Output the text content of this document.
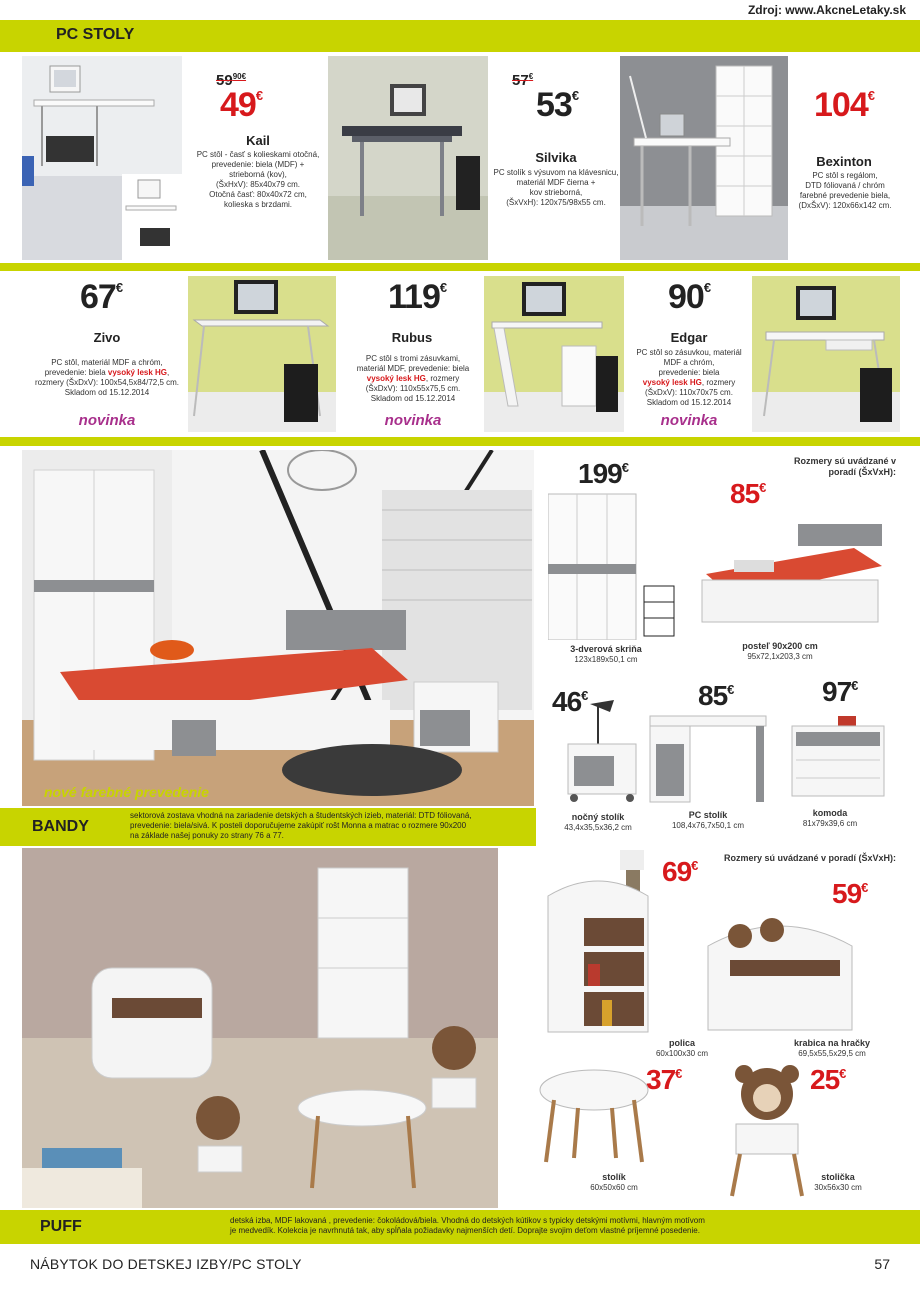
Zdroj: www.AkcneLetaky.sk
PC STOLY
$59^{90€}$
49€
Kail
PC stôl - časť s kolieskami otočná,
prevedenie: biela (MDF) +
strieborná (kov),
(ŠxHxV): 85x40x79 cm.
Otočná časť: 80x40x72 cm,
kolieska s brzdami.
57€
53€
Silvika
PC stolík s výsuvom na klávesnicu,
materiál MDF čierna +
kov strieborná,
(ŠxVxH): 120x75/98x55 cm.
104€
Bexinton
PC stôl s regálom,
DTD fóliovaná / chróm
farebné prevedenie biela,
(DxŠxV): 120x66x142 cm.
67€
Zivo
PC stôl, materiál MDF a chróm,
prevedenie: biela vysoký lesk HG,
rozmery (ŠxDxV): 100x54,5x84/72,5 cm.
Skladom od 15.12.2014
novinka
119€
Rubus
PC stôl s tromi zásuvkami,
materiál MDF, prevedenie: biela
vysoký lesk HG, rozmery
(ŠxDxV): 110x55x75,5 cm.
Skladom od 15.12.2014
novinka
90€
Edgar
PC stôl so zásuvkou, materiál
MDF a chróm,
prevedenie: biela
vysoký lesk HG, rozmery
(ŠxDxV): 110x70x75 cm.
Skladom od 15.12.2014
novinka
nové farebné prevedenie
Rozmery sú uvádzané v poradí (ŠxVxH):
199€
3-dverová skriňa
123x189x50,1 cm
85€
posteľ 90x200 cm
95x72,1x203,3 cm
46€
nočný stolík
43,4x35,5x36,2 cm
85€
PC stolík
108,4x76,7x50,1 cm
97€
komoda
81x79x39,6 cm
BANDY
sektorová zostava vhodná na zariadenie detských a študentských izieb, materiál: DTD fóliovaná,
prevedenie: biela/sivá. K posteli doporučujeme zakúpiť rošt Monna a matrac o rozmere 90x200
na základe našej ponuky zo strany 76 a 77.
Rozmery sú uvádzané v poradí (ŠxVxH):
69€
polica
60x100x30 cm
59€
krabica na hračky
69,5x55,5x29,5 cm
37€
stolík
60x50x60 cm
25€
stolička
30x56x30 cm
PUFF	detská izba, MDF lakovaná , prevedenie: čokoládová/biela. Vhodná do detských kútikov s typicky detskými motívmi, hlavným motívom
je medvedík. Kolekcia je navrhnutá tak, aby spĺňala požiadavky najmenších detí. Doprajte svojim deťom vlastné príjemné posedenie.
NÁBYTOK DO DETSKEJ IZBY/PC STOLY	57
